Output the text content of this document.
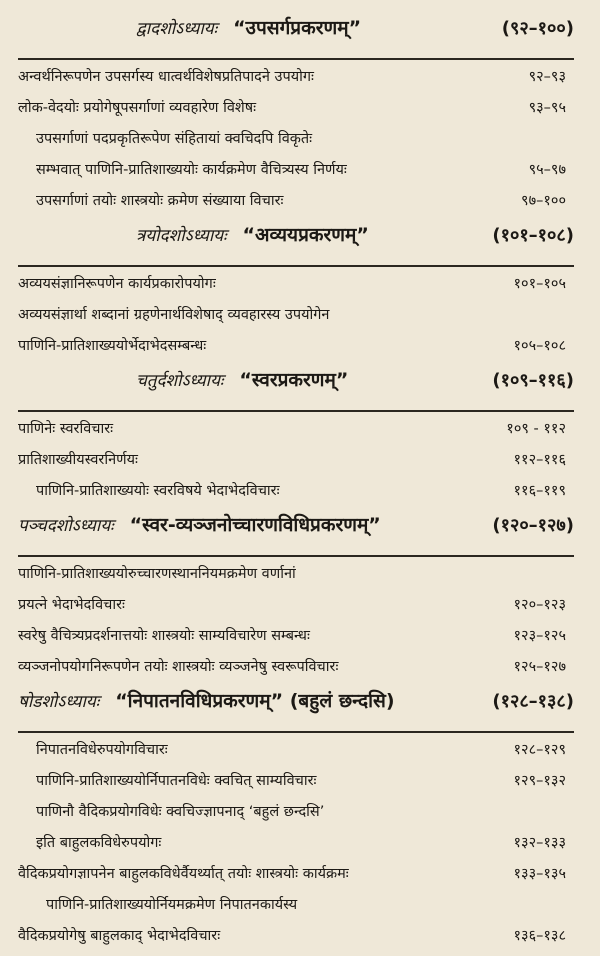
द्वादशोऽध्यायः “उपसर्गप्रकरणम्”	(९२–१००)
अन्वर्थनिरूपणेन उपसर्गस्य धात्वर्थविशेषप्रतिपादने उपयोगः	९२–९३
लोक-वेदयोः प्रयोगेषूपसर्गाणां व्यवहारेण विशेषः	९३–९५
उपसर्गाणां पदप्रकृतिरूपेण संहितायां क्वचिदपि विकृतेः
सम्भवात् पाणिनि-प्रातिशाख्ययोः कार्यक्रमेण वैचित्र्यस्य निर्णयः	९५–९७
उपसर्गाणां तयोः शास्त्रयोः क्रमेण संख्याया विचारः	९७–१००
त्रयोदशोऽध्यायः “अव्ययप्रकरणम्”	(१०१–१०८)
अव्ययसंज्ञानिरूपणेन कार्यप्रकारोपयोगः	१०१–१०५
अव्ययसंज्ञार्था शब्दानां ग्रहणेनार्थविशेषाद् व्यवहारस्य उपयोगेन
पाणिनि-प्रातिशाख्ययोर्भेदाभेदसम्बन्धः	१०५–१०८
चतुर्दशोऽध्यायः “स्वरप्रकरणम्”	(१०९–११६)
पाणिनेः स्वरविचारः	१०९ - ११२
प्रातिशाख्यीयस्वरनिर्णयः	११२–११६
पाणिनि-प्रातिशाख्ययोः स्वरविषये भेदाभेदविचारः	११६–११९
पञ्चदशोऽध्यायः “स्वर-व्यञ्जनोच्चारणविधिप्रकरणम्”	(१२०–१२७)
पाणिनि-प्रातिशाख्ययोरुच्चारणस्थाननियमक्रमेण वर्णानां
प्रयत्ने भेदाभेदविचारः	१२०–१२३
स्वरेषु वैचित्र्यप्रदर्शनात्तयोः शास्त्रयोः साम्यविचारेण सम्बन्धः	१२३–१२५
व्यञ्जनोपयोगनिरूपणेन तयोः शास्त्रयोः व्यञ्जनेषु स्वरूपविचारः	१२५–१२७
षोडशोऽध्यायः “निपातनविधिप्रकरणम्” (बहुलं छन्दसि)	(१२८–१३८)
निपातनविधेरुपयोगविचारः	१२८–१२९
पाणिनि-प्रातिशाख्ययोर्निपातनविधेः क्वचित् साम्यविचारः	१२९–१३२
पाणिनौ वैदिकप्रयोगविधेः क्वचिज्ज्ञापनाद् ‘बहुलं छन्दसि’
इति बाहुलकविधेरुपयोगः	१३२–१३३
वैदिकप्रयोगज्ञापनेन बाहुलकविधेर्वैयर्थ्यात् तयोः शास्त्रयोः कार्यक्रमः	१३३–१३५
पाणिनि-प्रातिशाख्ययोर्नियमक्रमेण निपातनकार्यस्य
वैदिकप्रयोगेषु बाहुलकाद् भेदाभेदविचारः	१३६–१३८
